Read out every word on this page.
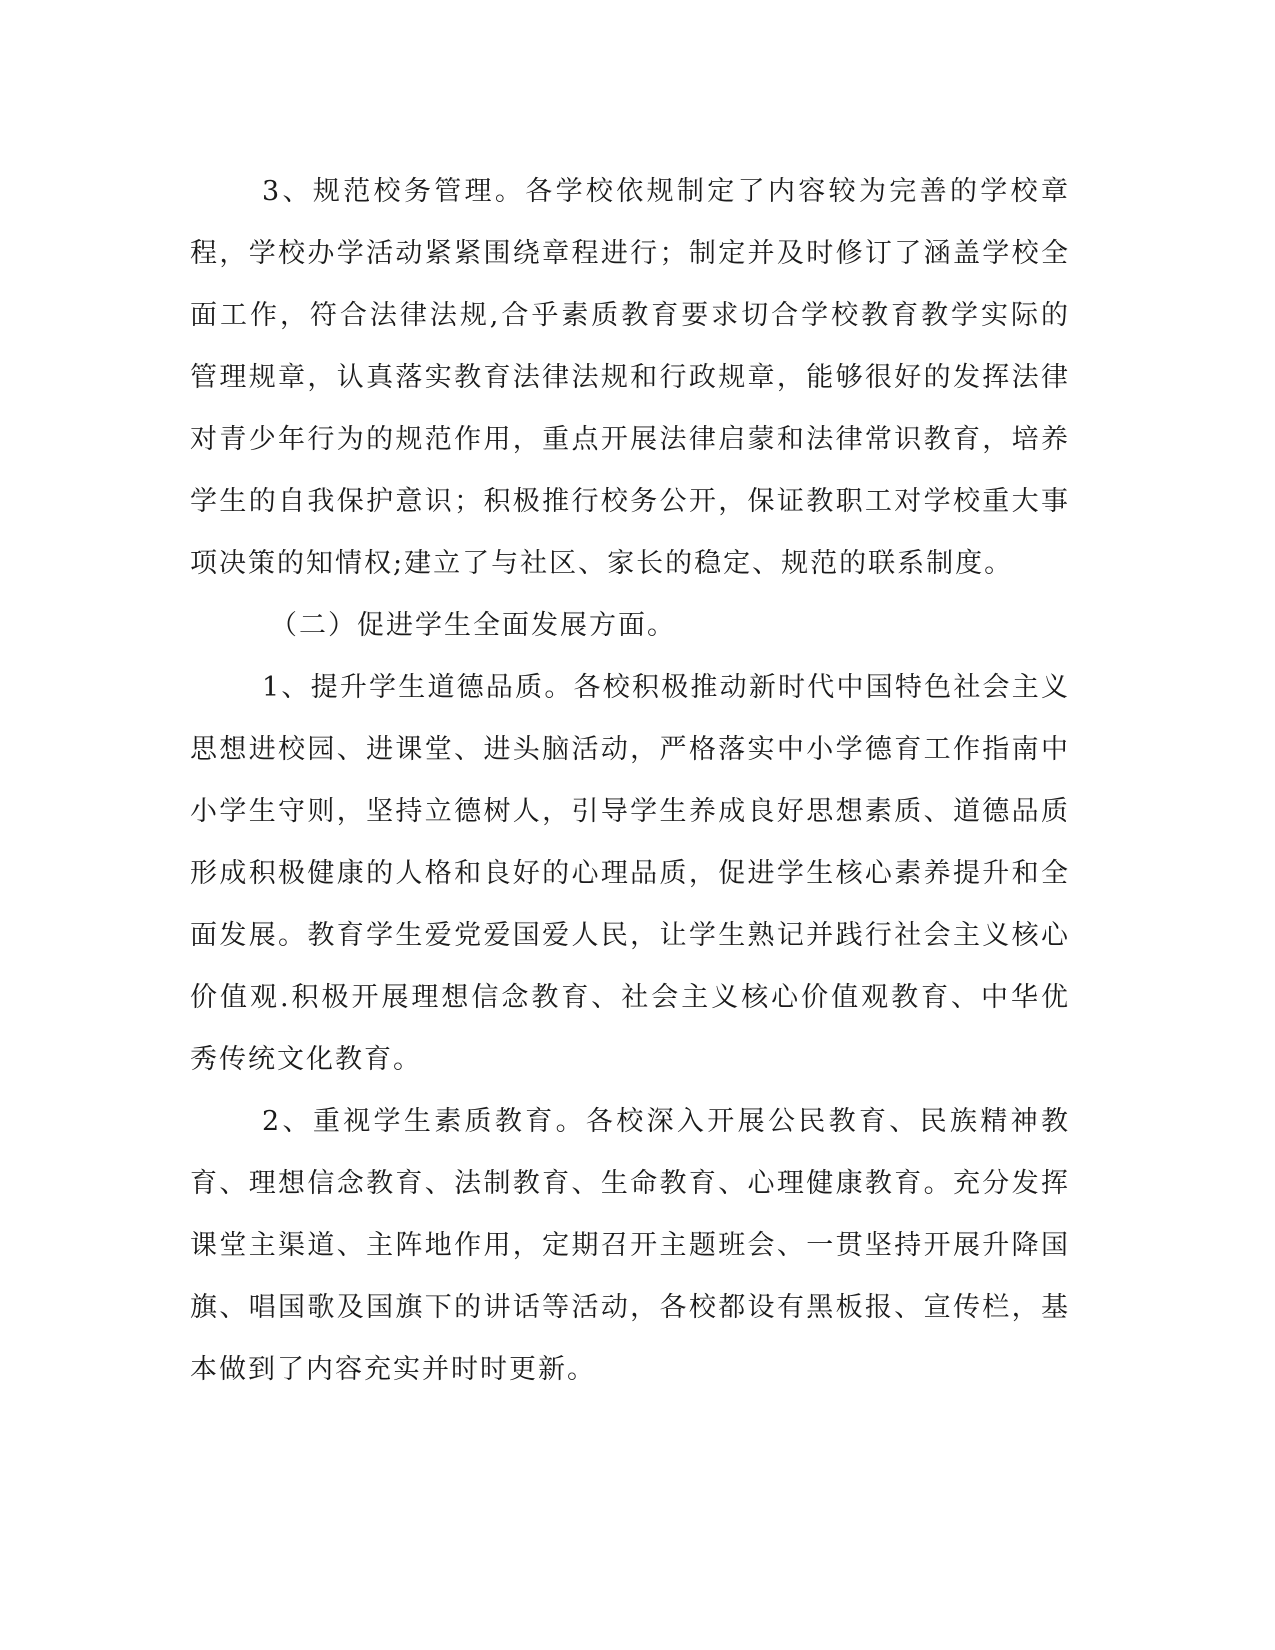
3、规范校务管理。各学校依规制定了内容较为完善的学校章程，学校办学活动紧紧围绕章程进行；制定并及时修订了涵盖学校全面工作，符合法律法规,合乎素质教育要求切合学校教育教学实际的管理规章，认真落实教育法律法规和行政规章，能够很好的发挥法律对青少年行为的规范作用，重点开展法律启蒙和法律常识教育，培养学生的自我保护意识；积极推行校务公开，保证教职工对学校重大事项决策的知情权;建立了与社区、家长的稳定、规范的联系制度。

（二）促进学生全面发展方面。

1、提升学生道德品质。各校积极推动新时代中国特色社会主义思想进校园、进课堂、进头脑活动，严格落实中小学德育工作指南中小学生守则，坚持立德树人，引导学生养成良好思想素质、道德品质形成积极健康的人格和良好的心理品质，促进学生核心素养提升和全面发展。教育学生爱党爱国爱人民，让学生熟记并践行社会主义核心价值观.积极开展理想信念教育、社会主义核心价值观教育、中华优秀传统文化教育。

2、重视学生素质教育。各校深入开展公民教育、民族精神教育、理想信念教育、法制教育、生命教育、心理健康教育。充分发挥课堂主渠道、主阵地作用，定期召开主题班会、一贯坚持开展升降国旗、唱国歌及国旗下的讲话等活动，各校都设有黑板报、宣传栏，基本做到了内容充实并时时更新。
